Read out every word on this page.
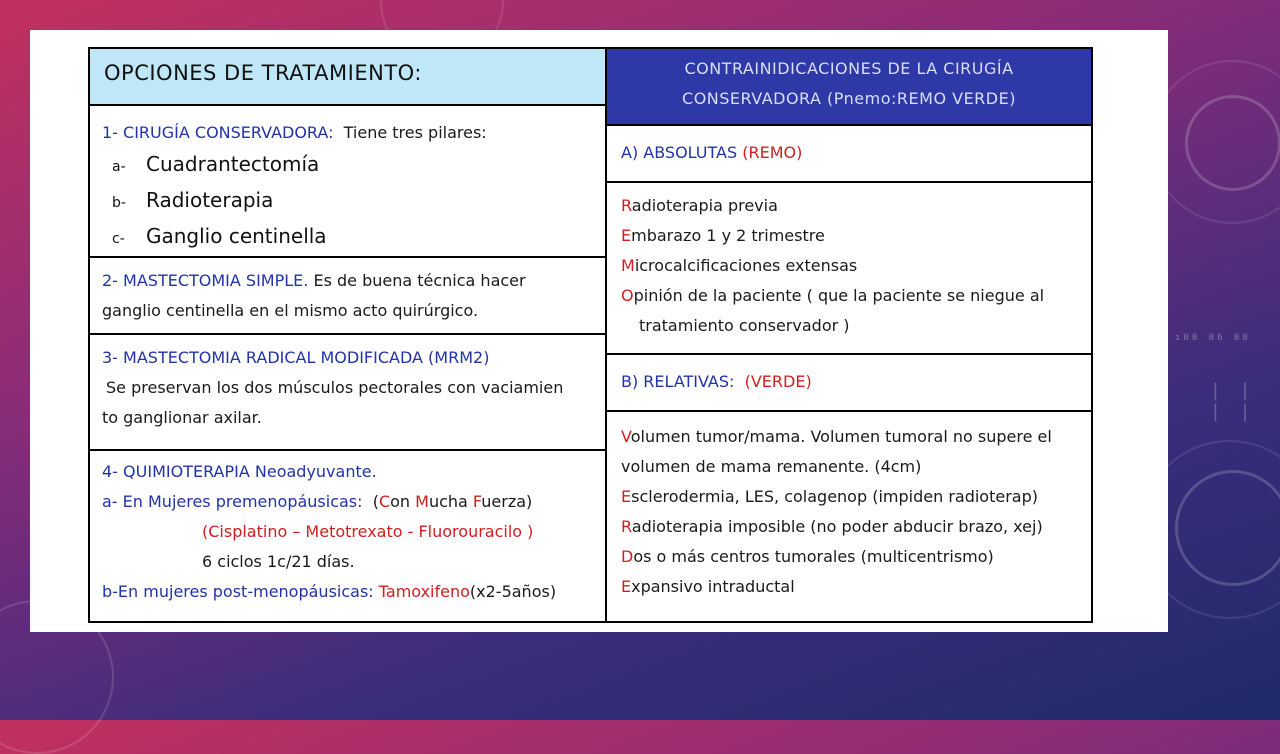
| | | |
ı00 06 08
OPCIONES DE TRATAMIENTO:
1- CIRUGÍA CONSERVADORA: Tiene tres pilares:
a- Cuadrantectomía
b- Radioterapia
c- Ganglio centinella
2- MASTECTOMIA SIMPLE. Es de buena técnica hacer
ganglio centinella en el mismo acto quirúrgico.
3- MASTECTOMIA RADICAL MODIFICADA (MRM2)
Se preservan los dos músculos pectorales con vaciamien
to ganglionar axilar.
4- QUIMIOTERAPIA Neoadyuvante.
a- En Mujeres premenopáusicas: (Con Mucha Fuerza)
(Cisplatino – Metotrexato - Fluorouracilo )
6 ciclos 1c/21 días.
b-En mujeres post-menopáusicas: Tamoxifeno(x2-5años)
CONTRAINIDICACIONES DE LA CIRUGÍA
CONSERVADORA (Pnemo:REMO VERDE)
A) ABSOLUTAS (REMO)
Radioterapia previa
Embarazo 1 y 2 trimestre
Microcalcificaciones extensas
Opinión de la paciente ( que la paciente se niegue al
tratamiento conservador )
B) RELATIVAS: (VERDE)
Volumen tumor/mama. Volumen tumoral no supere el
volumen de mama remanente. (4cm)
Esclerodermia, LES, colagenop (impiden radioterap)
Radioterapia imposible (no poder abducir brazo, xej)
Dos o más centros tumorales (multicentrismo)
Expansivo intraductal
